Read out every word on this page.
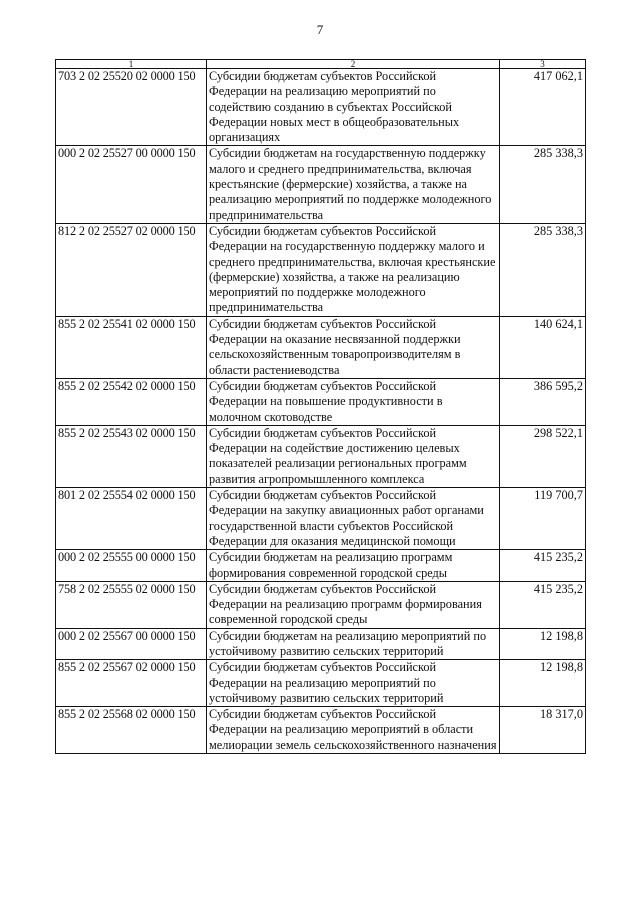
7
1	2	3
703 2 02 25520 02 0000 150	Субсидии бюджетам субъектов Российской Федерации на реализацию мероприятий по содействию созданию в субъектах Российской Федерации новых мест в общеобразовательных организациях	417 062,1
000 2 02 25527 00 0000 150	Субсидии бюджетам на государственную поддержку малого и среднего предпринимательства, включая крестьянские (фермерские) хозяйства, а также на реализацию мероприятий по поддержке молодежного предпринимательства	285 338,3
812 2 02 25527 02 0000 150	Субсидии бюджетам субъектов Российской Федерации на государственную поддержку малого и среднего предпринимательства, включая крестьянские (фермерские) хозяйства, а также на реализацию мероприятий по поддержке молодежного предпринимательства	285 338,3
855 2 02 25541 02 0000 150	Субсидии бюджетам субъектов Российской Федерации на оказание несвязанной поддержки сельскохозяйственным товаропроизводителям в области растениеводства	140 624,1
855 2 02 25542 02 0000 150	Субсидии бюджетам субъектов Российской Федерации на повышение продуктивности в молочном скотоводстве	386 595,2
855 2 02 25543 02 0000 150	Субсидии бюджетам субъектов Российской Федерации на содействие достижению целевых показателей реализации региональных программ развития агропромышленного комплекса	298 522,1
801 2 02 25554 02 0000 150	Субсидии бюджетам субъектов Российской Федерации на закупку авиационных работ органами государственной власти субъектов Российской Федерации для оказания медицинской помощи	119 700,7
000 2 02 25555 00 0000 150	Субсидии бюджетам на реализацию программ формирования современной городской среды	415 235,2
758 2 02 25555 02 0000 150	Субсидии бюджетам субъектов Российской Федерации на реализацию программ формирования современной городской среды	415 235,2
000 2 02 25567 00 0000 150	Субсидии бюджетам на реализацию мероприятий по устойчивому развитию сельских территорий	12 198,8
855 2 02 25567 02 0000 150	Субсидии бюджетам субъектов Российской Федерации на реализацию мероприятий по устойчивому развитию сельских территорий	12 198,8
855 2 02 25568 02 0000 150	Субсидии бюджетам субъектов Российской Федерации на реализацию мероприятий в области мелиорации земель сельскохозяйственного назначения	18 317,0
